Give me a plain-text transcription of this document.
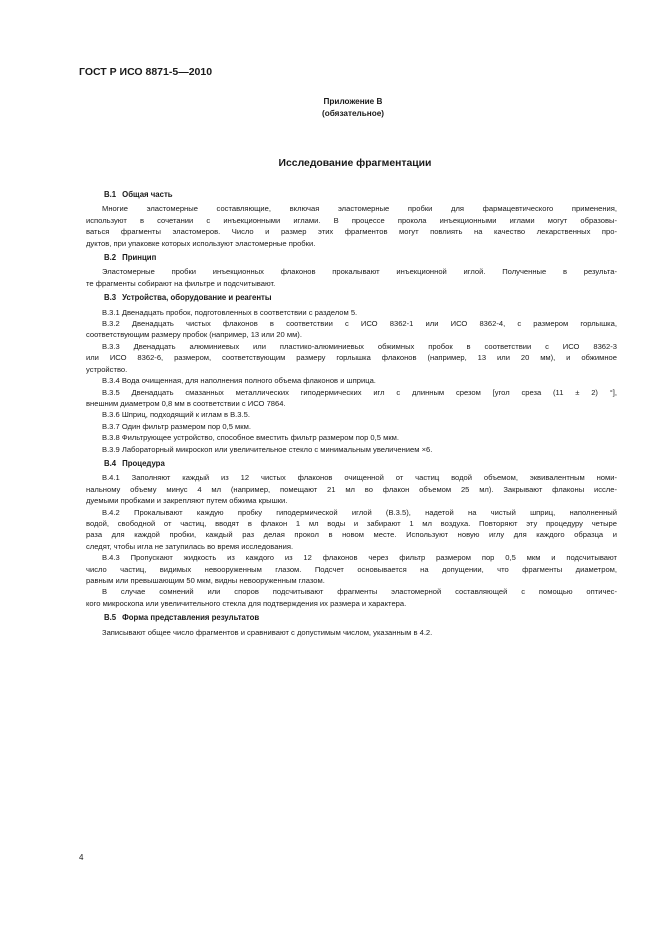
ГОСТ Р ИСО 8871-5—2010
Приложение В
(обязательное)
Исследование фрагментации
В.1 Общая часть
Многие эластомерные составляющие, включая эластомерные пробки для фармацевтического применения,
используют в сочетании с инъекционными иглами. В процессе прокола инъекционными иглами могут образовы-
ваться фрагменты эластомеров. Число и размер этих фрагментов могут повлиять на качество лекарственных про-
дуктов, при упаковке которых используют эластомерные пробки.
В.2 Принцип
Эластомерные пробки инъекционных флаконов прокалывают инъекционной иглой. Полученные в результа-
те фрагменты собирают на фильтре и подсчитывают.
В.3 Устройства, оборудование и реагенты
В.3.1 Двенадцать пробок, подготовленных в соответствии с разделом 5.
В.3.2 Двенадцать чистых флаконов в соответствии с ИСО 8362-1 или ИСО 8362-4, с размером горлышка,
соответствующим размеру пробок (например, 13 или 20 мм).
В.3.3 Двенадцать алюминиевых или пластико-алюминиевых обжимных пробок в соответствии с ИСО 8362-3
или ИСО 8362-6, размером, соответствующим размеру горлышка флаконов (например, 13 или 20 мм), и обжимное
устройство.
В.3.4 Вода очищенная, для наполнения полного объема флаконов и шприца.
В.3.5 Двенадцать смазанных металлических гиподермических игл с длинным срезом [угол среза (11 ± 2) °],
внешним диаметром 0,8 мм в соответствии с ИСО 7864.
В.3.6 Шприц, подходящий к иглам в В.3.5.
В.3.7 Один фильтр размером пор 0,5 мкм.
В.3.8 Фильтрующее устройство, способное вместить фильтр размером пор 0,5 мкм.
В.3.9 Лабораторный микроскоп или увеличительное стекло с минимальным увеличением ×6.
В.4 Процедура
В.4.1 Заполняют каждый из 12 чистых флаконов очищенной от частиц водой объемом, эквивалентным номи-
нальному объему минус 4 мл (например, помещают 21 мл во флакон объемом 25 мл). Закрывают флаконы иссле-
дуемыми пробками и закрепляют путем обжима крышки.
В.4.2 Прокалывают каждую пробку гиподермической иглой (В.3.5), надетой на чистый шприц, наполненный
водой, свободной от частиц, вводят в флакон 1 мл воды и забирают 1 мл воздуха. Повторяют эту процедуру четыре
раза для каждой пробки, каждый раз делая прокол в новом месте. Используют новую иглу для каждого образца и
следят, чтобы игла не затупилась во время исследования.
В.4.3 Пропускают жидкость из каждого из 12 флаконов через фильтр размером пор 0,5 мкм и подсчитывают
число частиц, видимых невооруженным глазом. Подсчет основывается на допущении, что фрагменты диаметром,
равным или превышающим 50 мкм, видны невооруженным глазом.
В случае сомнений или споров подсчитывают фрагменты эластомерной составляющей с помощью оптичес-
кого микроскопа или увеличительного стекла для подтверждения их размера и характера.
В.5 Форма представления результатов
Записывают общее число фрагментов и сравнивают с допустимым числом, указанным в 4.2.
4
